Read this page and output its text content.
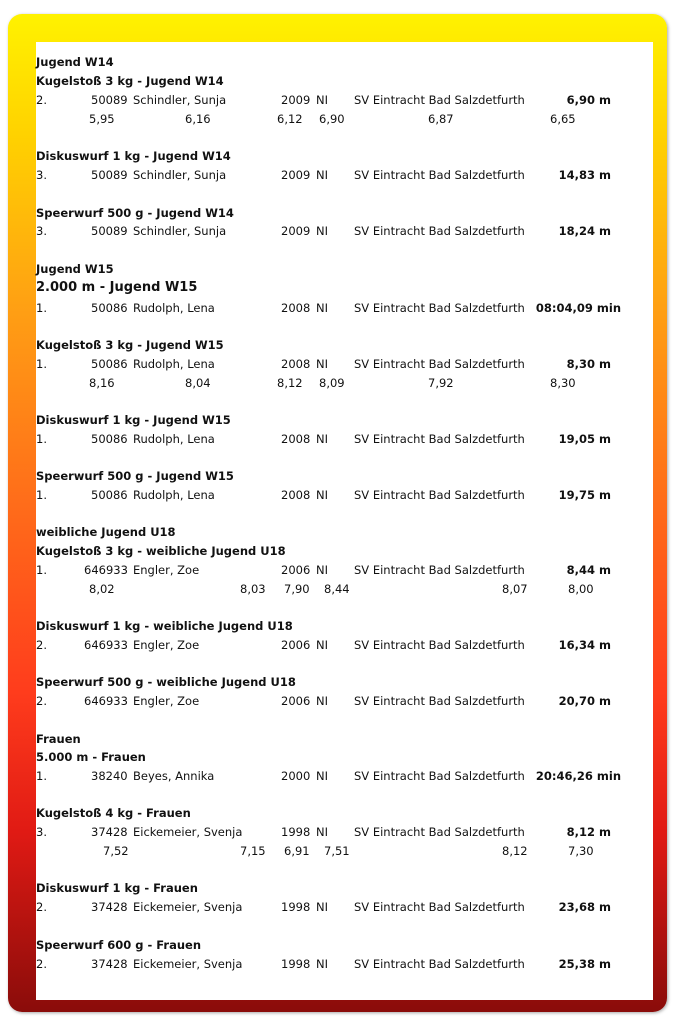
Jugend W14
Kugelstoß 3 kg - Jugend W14
2.	50089 Schindler, Sunja	2009 NI SV Eintracht Bad Salzdetfurth	6,90 m
5,95	6,16	6,12 6,90	6,87	6,65
Diskuswurf 1 kg - Jugend W14
3.	50089 Schindler, Sunja	2009 NI SV Eintracht Bad Salzdetfurth	14,83 m
Speerwurf 500 g - Jugend W14
3.	50089 Schindler, Sunja	2009 NI SV Eintracht Bad Salzdetfurth	18,24 m
Jugend W15
2.000 m - Jugend W15
1.	50086 Rudolph, Lena	2008 NI SV Eintracht Bad Salzdetfurth 08:04,09 min
Kugelstoß 3 kg - Jugend W15
1.	50086 Rudolph, Lena	2008 NI SV Eintracht Bad Salzdetfurth	8,30 m
8,16	8,04	8,12 8,09	7,92	8,30
Diskuswurf 1 kg - Jugend W15
1.	50086 Rudolph, Lena	2008 NI SV Eintracht Bad Salzdetfurth	19,05 m
Speerwurf 500 g - Jugend W15
1.	50086 Rudolph, Lena	2008 NI SV Eintracht Bad Salzdetfurth	19,75 m
weibliche Jugend U18
Kugelstoß 3 kg - weibliche Jugend U18
1.	646933 Engler, Zoe	2006 NI SV Eintracht Bad Salzdetfurth	8,44 m
8,02	8,03 7,90 8,44	8,07	8,00
Diskuswurf 1 kg - weibliche Jugend U18
2.	646933 Engler, Zoe	2006 NI SV Eintracht Bad Salzdetfurth	16,34 m
Speerwurf 500 g - weibliche Jugend U18
2.	646933 Engler, Zoe	2006 NI SV Eintracht Bad Salzdetfurth	20,70 m
Frauen
5.000 m - Frauen
1.	38240 Beyes, Annika	2000 NI SV Eintracht Bad Salzdetfurth 20:46,26 min
Kugelstoß 4 kg - Frauen
3.	37428 Eickemeier, Svenja	1998 NI SV Eintracht Bad Salzdetfurth	8,12 m
7,52	7,15 6,91 7,51	8,12	7,30
Diskuswurf 1 kg - Frauen
2.	37428 Eickemeier, Svenja	1998 NI SV Eintracht Bad Salzdetfurth	23,68 m
Speerwurf 600 g - Frauen
2.	37428 Eickemeier, Svenja	1998 NI SV Eintracht Bad Salzdetfurth	25,38 m
